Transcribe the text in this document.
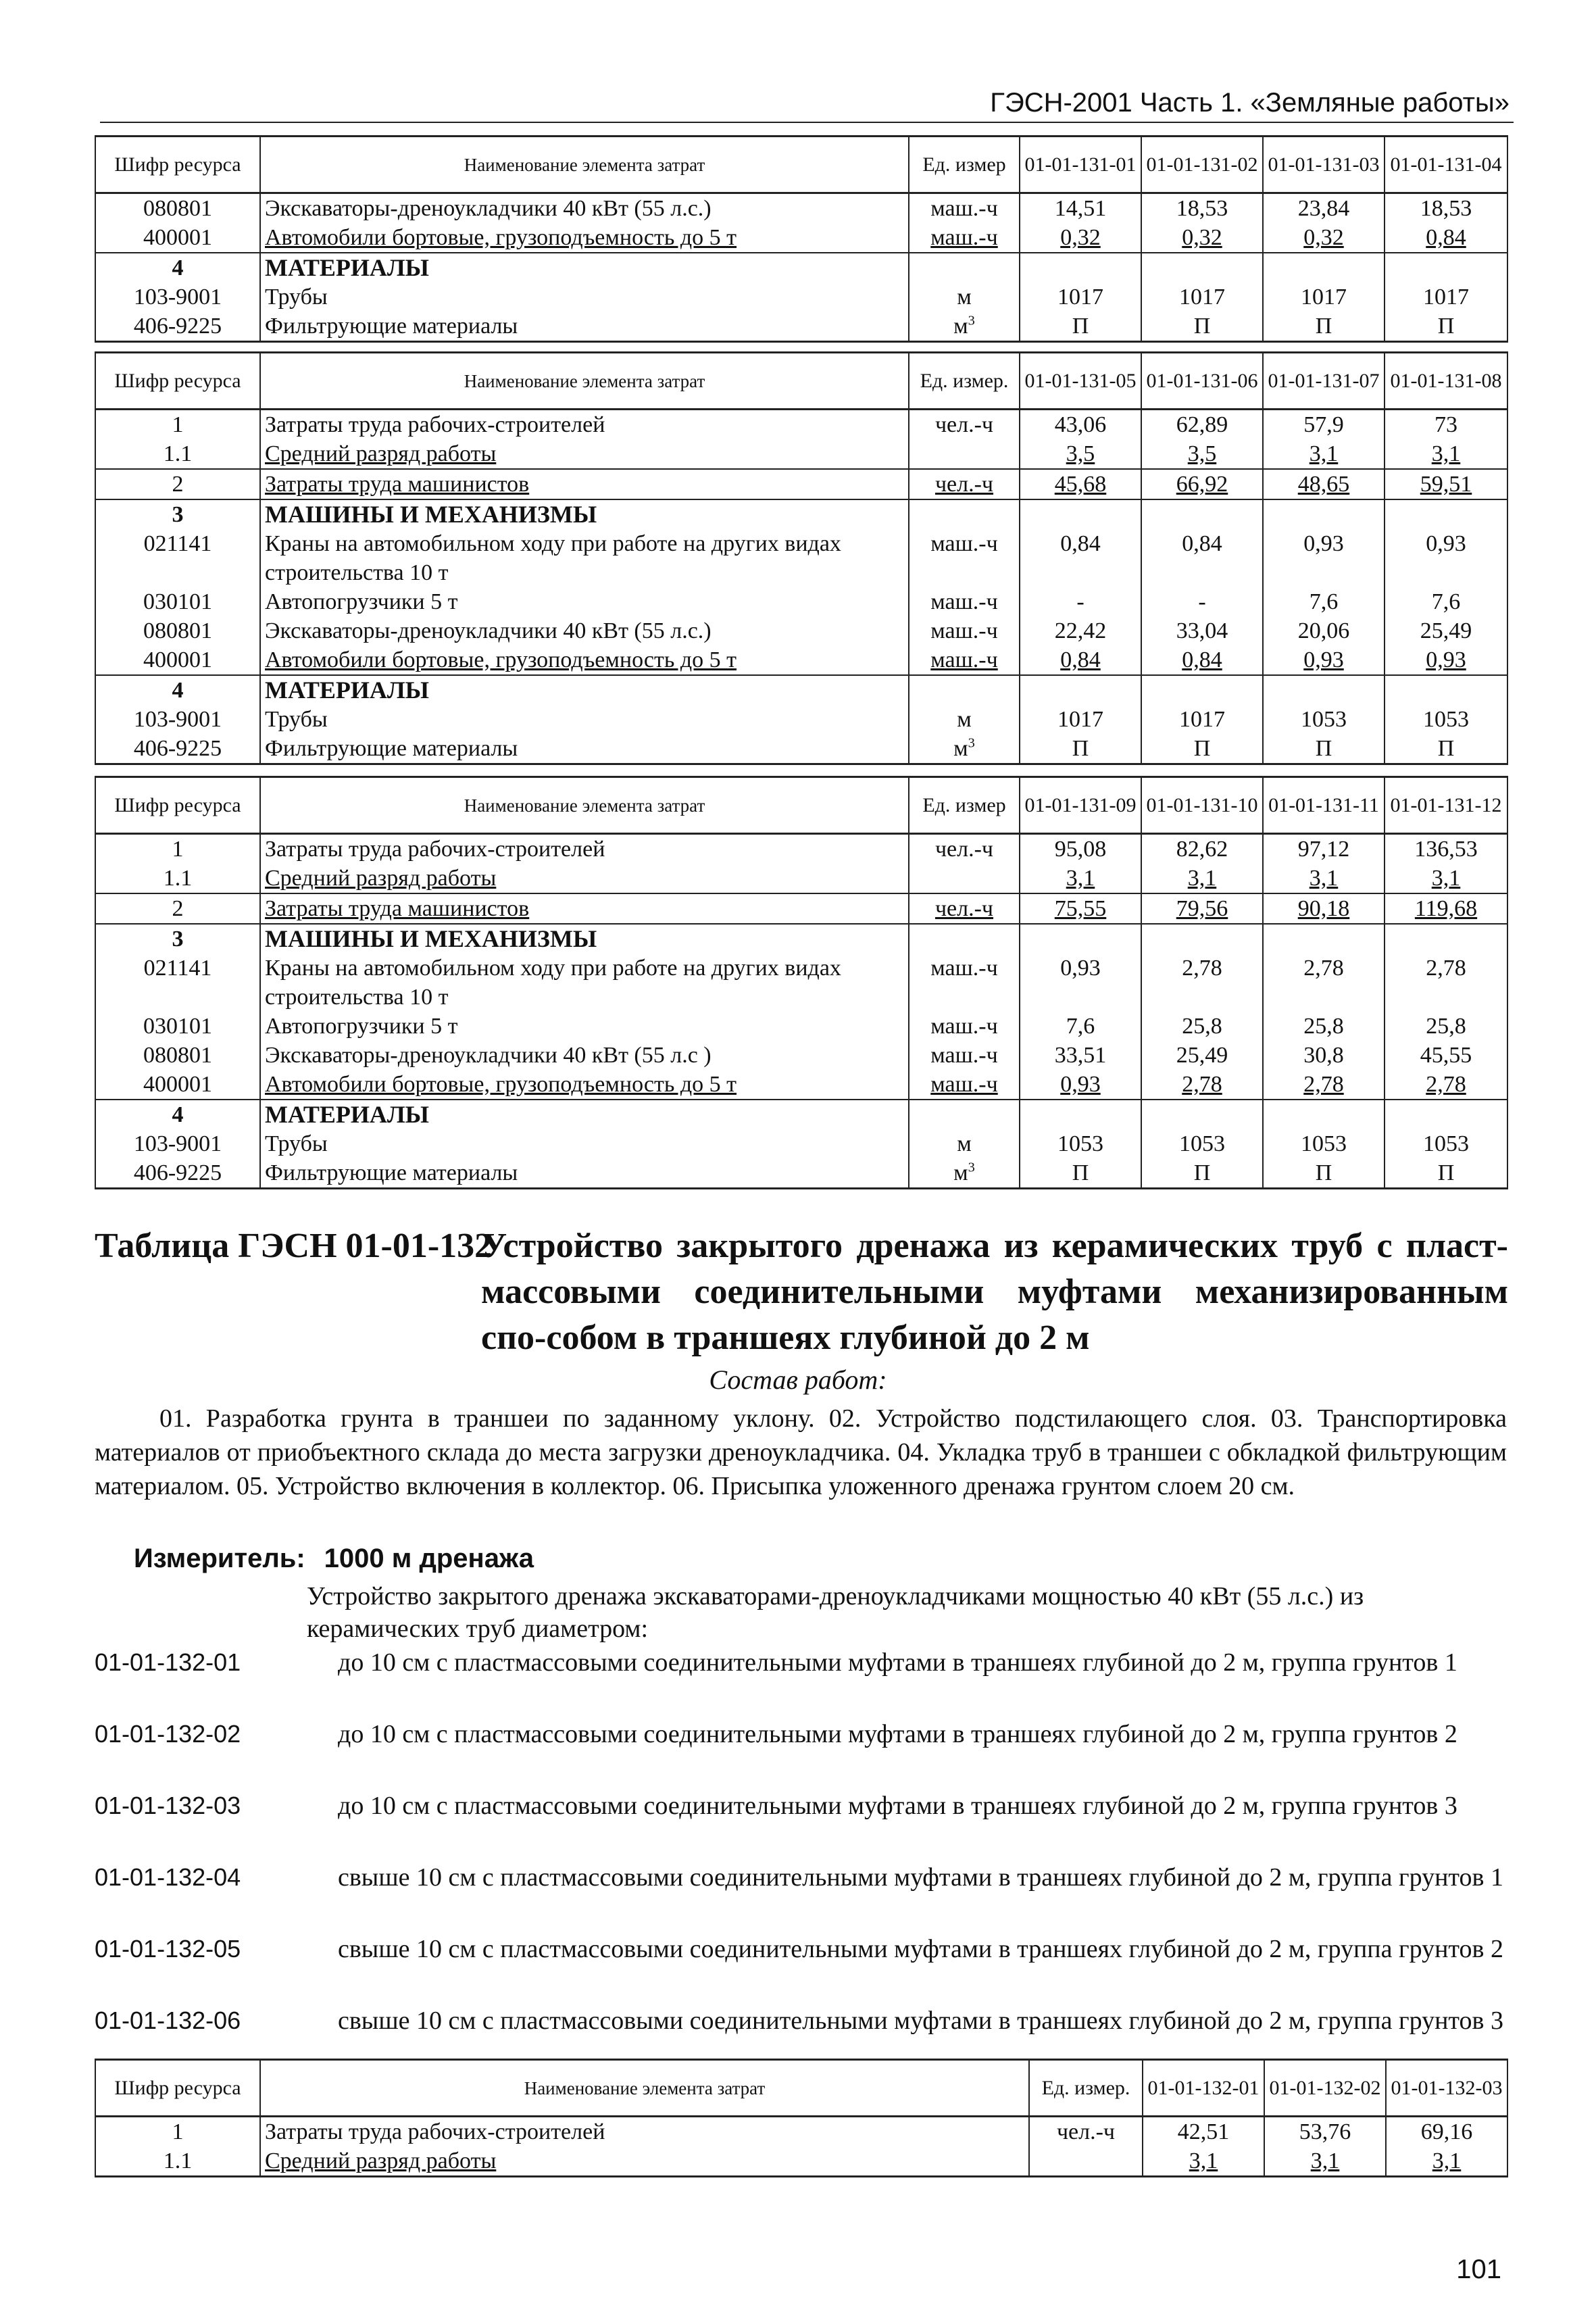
ГЭСН-2001 Часть 1. «Земляные работы»
Шифр ресурса	Наименование элемента затрат	Ед. измер	01-01-131-01	01-01-131-02	01-01-131-03	01-01-131-04
080801	Экскаваторы-дреноукладчики 40 кВт (55 л.с.)	маш.-ч	14,51	18,53	23,84	18,53
400001	Автомобили бортовые, грузоподъемность до 5 т	маш.-ч	0,32	0,32	0,32	0,84
4	МАТЕРИАЛЫ					
103-9001	Трубы	м	1017	1017	1017	1017
406-9225	Фильтрующие материалы	$м^3$	П	П	П	П
Шифр ресурса	Наименование элемента затрат	Ед. измер.	01-01-131-05	01-01-131-06	01-01-131-07	01-01-131-08
1	Затраты труда рабочих-строителей	чел.-ч	43,06	62,89	57,9	73
1.1	Средний разряд работы		3,5	3,5	3,1	3,1
2	Затраты труда машинистов	чел.-ч	45,68	66,92	48,65	59,51
3	МАШИНЫ И МЕХАНИЗМЫ					
021141	Краны на автомобильном ходу при работе на других видах строительства 10 т	маш.-ч	0,84	0,84	0,93	0,93
030101	Автопогрузчики 5 т	маш.-ч	-	-	7,6	7,6
080801	Экскаваторы-дреноукладчики 40 кВт (55 л.с.)	маш.-ч	22,42	33,04	20,06	25,49
400001	Автомобили бортовые, грузоподъемность до 5 т	маш.-ч	0,84	0,84	0,93	0,93
4	МАТЕРИАЛЫ					
103-9001	Трубы	м	1017	1017	1053	1053
406-9225	Фильтрующие материалы	$м^3$	П	П	П	П
Шифр ресурса	Наименование элемента затрат	Ед. измер	01-01-131-09	01-01-131-10	01-01-131-11	01-01-131-12
1	Затраты труда рабочих-строителей	чел.-ч	95,08	82,62	97,12	136,53
1.1	Средний разряд работы		3,1	3,1	3,1	3,1
2	Затраты труда машинистов	чел.-ч	75,55	79,56	90,18	119,68
3	МАШИНЫ И МЕХАНИЗМЫ					
021141	Краны на автомобильном ходу при работе на других видах строительства 10 т	маш.-ч	0,93	2,78	2,78	2,78
030101	Автопогрузчики 5 т	маш.-ч	7,6	25,8	25,8	25,8
080801	Экскаваторы-дреноукладчики 40 кВт (55 л.с )	маш.-ч	33,51	25,49	30,8	45,55
400001	Автомобили бортовые, грузоподъемность до 5 т	маш.-ч	0,93	2,78	2,78	2,78
4	МАТЕРИАЛЫ					
103-9001	Трубы	м	1053	1053	1053	1053
406-9225	Фильтрующие материалы	$м^3$	П	П	П	П
Таблица ГЭСН 01-01-132
Устройство закрытого дренажа из керамических труб с пласт-массовыми соединительными муфтами механизированным спо-собом в траншеях глубиной до 2 м
Состав работ:
01. Разработка грунта в траншеи по заданному уклону. 02. Устройство подстилающего слоя. 03. Транспортировка материалов от приобъектного склада до места загрузки дреноукладчика. 04. Укладка труб в траншеи с обкладкой фильтрующим материалом. 05. Устройство включения в коллектор. 06. Присыпка уложенного дренажа грунтом слоем 20 см.
Измеритель: 1000 м дренажа
Устройство закрытого дренажа экскаваторами-дреноукладчиками мощностью 40 кВт (55 л.с.) из керамических труб диаметром:
01-01-132-01	до 10 см с пластмассовыми соединительными муфтами в траншеях глубиной до 2 м, группа грунтов 1
01-01-132-02	до 10 см с пластмассовыми соединительными муфтами в траншеях глубиной до 2 м, группа грунтов 2
01-01-132-03	до 10 см с пластмассовыми соединительными муфтами в траншеях глубиной до 2 м, группа грунтов 3
01-01-132-04	свыше 10 см с пластмассовыми соединительными муфтами в траншеях глубиной до 2 м, группа грунтов 1
01-01-132-05	свыше 10 см с пластмассовыми соединительными муфтами в траншеях глубиной до 2 м, группа грунтов 2
01-01-132-06	свыше 10 см с пластмассовыми соединительными муфтами в траншеях глубиной до 2 м, группа грунтов 3
Шифр ресурса	Наименование элемента затрат	Ед. измер.	01-01-132-01	01-01-132-02	01-01-132-03
1	Затраты труда рабочих-строителей	чел.-ч	42,51	53,76	69,16
1.1	Средний разряд работы		3,1	3,1	3,1
101
